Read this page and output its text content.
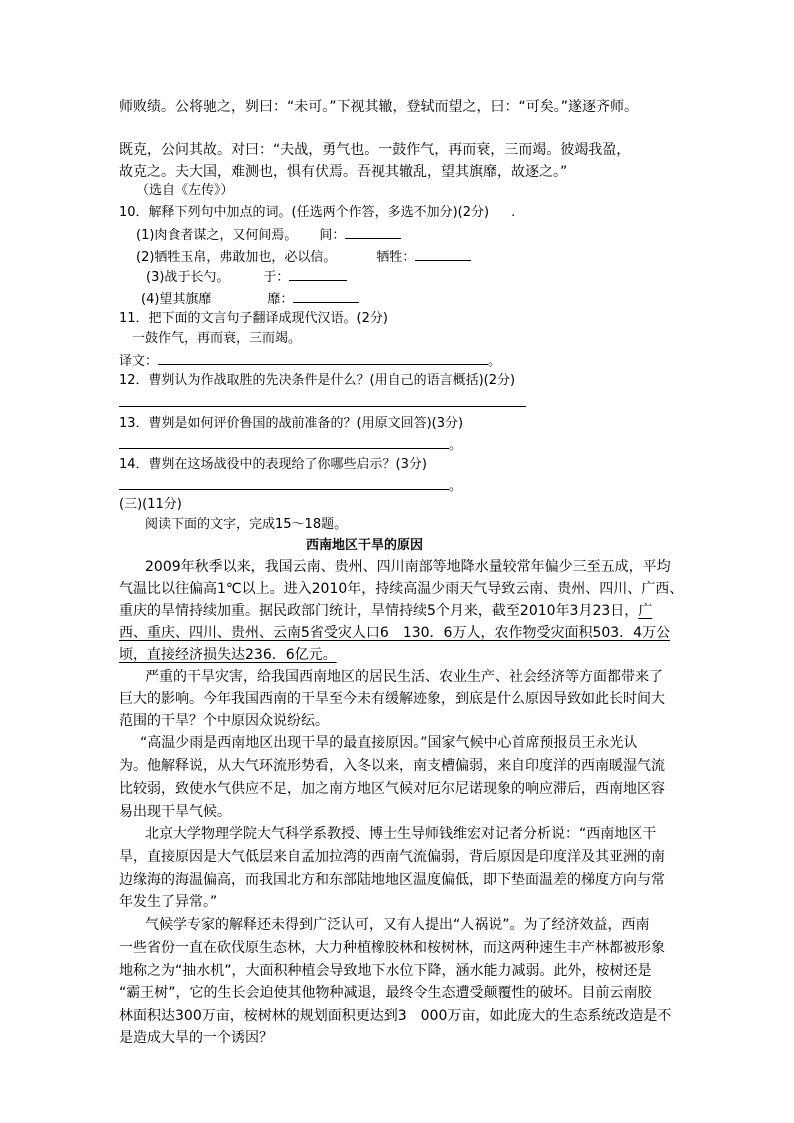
师败绩。公将驰之，刿曰：“未可。”下视其辙，登轼而望之，曰：“可矣。”遂逐齐师。
既克，公问其故。对曰：“夫战，勇气也。一鼓作气，再而衰，三而竭。彼竭我盈，
故克之。夫大国，难测也，惧有伏焉。吾视其辙乱，望其旗靡，故逐之。”
（选自《左传》）
10．解释下列句中加点的词。(任选两个作答，多选不加分)(2分) .
(1)肉食者谋之，又何间焉。 间：
(2)牺牲玉帛，弗敢加也，必以信。	牺牲：
(3)战于长勺。	于：
(4)望其旗靡	靡：
11．把下面的文言句子翻译成现代汉语。(2分)
一鼓作气，再而衰，三而竭。
译文：	。
12．曹刿认为作战取胜的先决条件是什么？(用自己的语言概括)(2分)
13．曹刿是如何评价鲁国的战前准备的？(用原文回答)(3分)
。
14．曹刿在这场战役中的表现给了你哪些启示？(3分)
。
(三)(11分)
阅读下面的文字，完成15～18题。
西南地区干旱的原因
2009年秋季以来，我国云南、贵州、四川南部等地降水量较常年偏少三至五成，平均
气温比以往偏高1℃以上。进入2010年，持续高温少雨天气导致云南、贵州、四川、广西、
重庆的旱情持续加重。据民政部门统计，旱情持续5个月来，截至2010年3月23日，广
西、重庆、四川、贵州、云南5省受灾人口6　130．6万人，农作物受灾面积503．4万公
顷，直接经济损失达236．6亿元。
严重的干旱灾害，给我国西南地区的居民生活、农业生产、社会经济等方面都带来了
巨大的影响。今年我国西南的干旱至今未有缓解迹象，到底是什么原因导致如此长时间大
范围的干旱？个中原因众说纷纭。
“高温少雨是西南地区出现干旱的最直接原因。”国家气候中心首席预报员王永光认
为。他解释说，从大气环流形势看，入冬以来，南支槽偏弱，来自印度洋的西南暖湿气流
比较弱，致使水气供应不足，加之南方地区气候对厄尔尼诺现象的响应滞后，西南地区容
易出现干旱气候。
北京大学物理学院大气科学系教授、博士生导师钱维宏对记者分析说：“西南地区干
旱，直接原因是大气低层来自孟加拉湾的西南气流偏弱，背后原因是印度洋及其亚洲的南
边缘海的海温偏高，而我国北方和东部陆地地区温度偏低，即下垫面温差的梯度方向与常
年发生了异常。”
气候学专家的解释还未得到广泛认可，又有人提出“人祸说”。为了经济效益，西南
一些省份一直在砍伐原生态林，大力种植橡胶林和桉树林，而这两种速生丰产林都被形象
地称之为“抽水机”，大面积种植会导致地下水位下降，涵水能力减弱。此外，桉树还是
“霸王树”，它的生长会迫使其他物种减退，最终令生态遭受颠覆性的破坏。目前云南胶
林面积达300万亩，桉树林的规划面积更达到3　000万亩，如此庞大的生态系统改造是不
是造成大旱的一个诱因？
